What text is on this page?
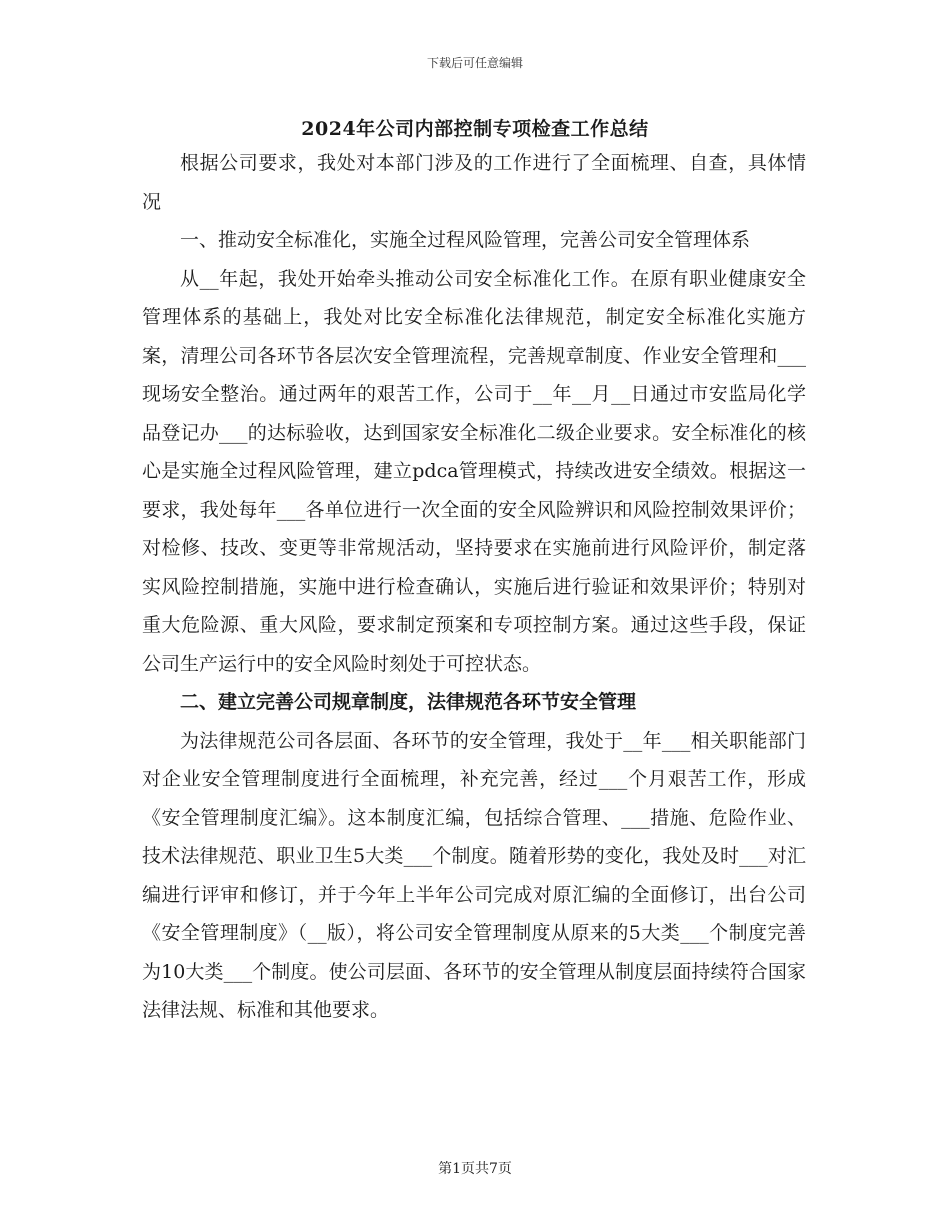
下载后可任意编辑
2024年公司内部控制专项检查工作总结

根据公司要求，我处对本部门涉及的工作进行了全面梳理、自查，具体情况

一、推动安全标准化，实施全过程风险管理，完善公司安全管理体系

从__年起，我处开始牵头推动公司安全标准化工作。在原有职业健康安全管理体系的基础上，我处对比安全标准化法律规范，制定安全标准化实施方案，清理公司各环节各层次安全管理流程，完善规章制度、作业安全管理和___现场安全整治。通过两年的艰苦工作，公司于__年__月__日通过市安监局化学品登记办___的达标验收，达到国家安全标准化二级企业要求。安全标准化的核心是实施全过程风险管理，建立pdca管理模式，持续改进安全绩效。根据这一要求，我处每年___各单位进行一次全面的安全风险辨识和风险控制效果评价；对检修、技改、变更等非常规活动，坚持要求在实施前进行风险评价，制定落实风险控制措施，实施中进行检查确认，实施后进行验证和效果评价；特别对重大危险源、重大风险，要求制定预案和专项控制方案。通过这些手段，保证公司生产运行中的安全风险时刻处于可控状态。

二、建立完善公司规章制度，法律规范各环节安全管理

为法律规范公司各层面、各环节的安全管理，我处于__年___相关职能部门对企业安全管理制度进行全面梳理，补充完善，经过___个月艰苦工作，形成《安全管理制度汇编》。这本制度汇编，包括综合管理、___措施、危险作业、技术法律规范、职业卫生5大类___个制度。随着形势的变化，我处及时___对汇编进行评审和修订，并于今年上半年公司完成对原汇编的全面修订，出台公司《安全管理制度》（__版），将公司安全管理制度从原来的5大类___个制度完善为10大类___个制度。使公司层面、各环节的安全管理从制度层面持续符合国家法律法规、标准和其他要求。

第1页共7页
